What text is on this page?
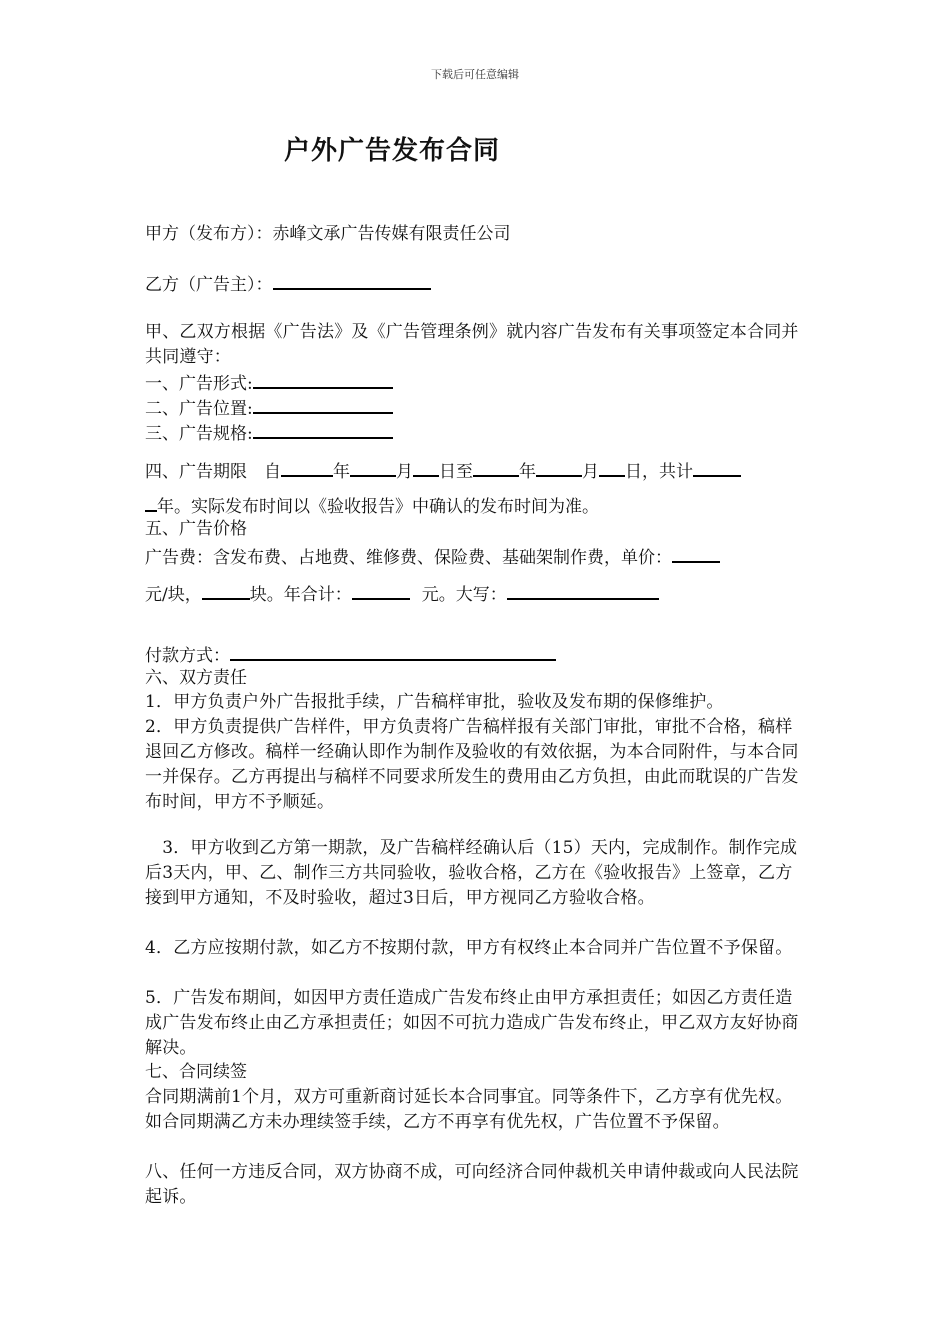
下载后可任意编辑
户外广告发布合同
甲方（发布方）：赤峰文承广告传媒有限责任公司
乙方（广告主）：
甲、乙双方根据《广告法》及《广告管理条例》就内容广告发布有关事项签定本合同并共同遵守：
一、广告形式:
二、广告位置:
三、广告规格:
四、广告期限　自	年	月 日至	年	月 日，共计
年。实际发布时间以《验收报告》中确认的发布时间为准。
五、广告价格
广告费：含发布费、占地费、维修费、保险费、基础架制作费，单价：
元/块，	块。年合计：	元。大写：
付款方式：
六、双方责任
1．甲方负责户外广告报批手续，广告稿样审批，验收及发布期的保修维护。
2．甲方负责提供广告样件，甲方负责将广告稿样报有关部门审批，审批不合格，稿样退回乙方修改。稿样一经确认即作为制作及验收的有效依据，为本合同附件，与本合同一并保存。乙方再提出与稿样不同要求所发生的费用由乙方负担，由此而耽误的广告发布时间，甲方不予顺延。
　3．甲方收到乙方第一期款，及广告稿样经确认后（15）天内，完成制作。制作完成后3天内，甲、乙、制作三方共同验收，验收合格，乙方在《验收报告》上签章，乙方接到甲方通知，不及时验收，超过3日后，甲方视同乙方验收合格。
4．乙方应按期付款，如乙方不按期付款，甲方有权终止本合同并广告位置不予保留。
5．广告发布期间，如因甲方责任造成广告发布终止由甲方承担责任；如因乙方责任造成广告发布终止由乙方承担责任；如因不可抗力造成广告发布终止，甲乙双方友好协商解决。
七、合同续签
合同期满前1个月，双方可重新商讨延长本合同事宜。同等条件下，乙方享有优先权。如合同期满乙方未办理续签手续，乙方不再享有优先权，广告位置不予保留。
八、任何一方违反合同，双方协商不成，可向经济合同仲裁机关申请仲裁或向人民法院起诉。
